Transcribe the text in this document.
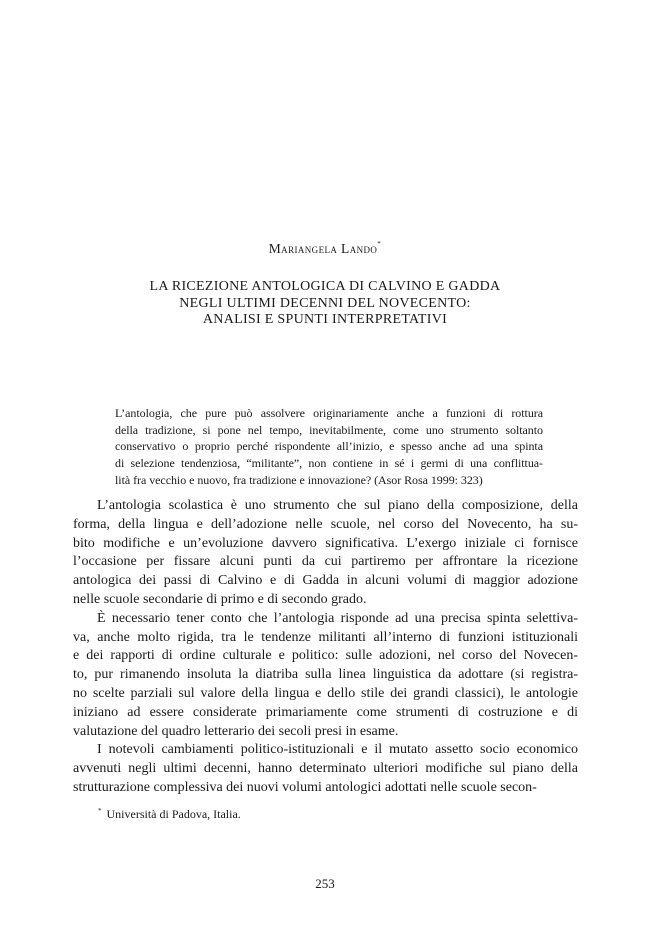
Mariangela Lando*
LA RICEZIONE ANTOLOGICA DI CALVINO E GADDA
NEGLI ULTIMI DECENNI DEL NOVECENTO:
ANALISI E SPUNTI INTERPRETATIVI
L’antologia, che pure può assolvere originariamente anche a funzioni di rottura
della tradizione, si pone nel tempo, inevitabilmente, come uno strumento soltanto
conservativo o proprio perché rispondente all’inizio, e spesso anche ad una spinta
di selezione tendenziosa, “militante”, non contiene in sé i germi di una conflittua-
lità fra vecchio e nuovo, fra tradizione e innovazione? (Asor Rosa 1999: 323)
L’antologia scolastica è uno strumento che sul piano della composizione, della
forma, della lingua e dell’adozione nelle scuole, nel corso del Novecento, ha su-
bito modifiche e un’evoluzione davvero significativa. L’exergo iniziale ci fornisce
l’occasione per fissare alcuni punti da cui partiremo per affrontare la ricezione
antologica dei passi di Calvino e di Gadda in alcuni volumi di maggior adozione
nelle scuole secondarie di primo e di secondo grado.
È necessario tener conto che l’antologia risponde ad una precisa spinta selettiva-
va, anche molto rigida, tra le tendenze militanti all’interno di funzioni istituzionali
e dei rapporti di ordine culturale e politico: sulle adozioni, nel corso del Novecen-
to, pur rimanendo insoluta la diatriba sulla linea linguistica da adottare (si registra-
no scelte parziali sul valore della lingua e dello stile dei grandi classici), le antologie
iniziano ad essere considerate primariamente come strumenti di costruzione e di
valutazione del quadro letterario dei secoli presi in esame.
I notevoli cambiamenti politico-istituzionali e il mutato assetto socio economico
avvenuti negli ultimi decenni, hanno determinato ulteriori modifiche sul piano della
strutturazione complessiva dei nuovi volumi antologici adottati nelle scuole secon-
* Università di Padova, Italia.
253
